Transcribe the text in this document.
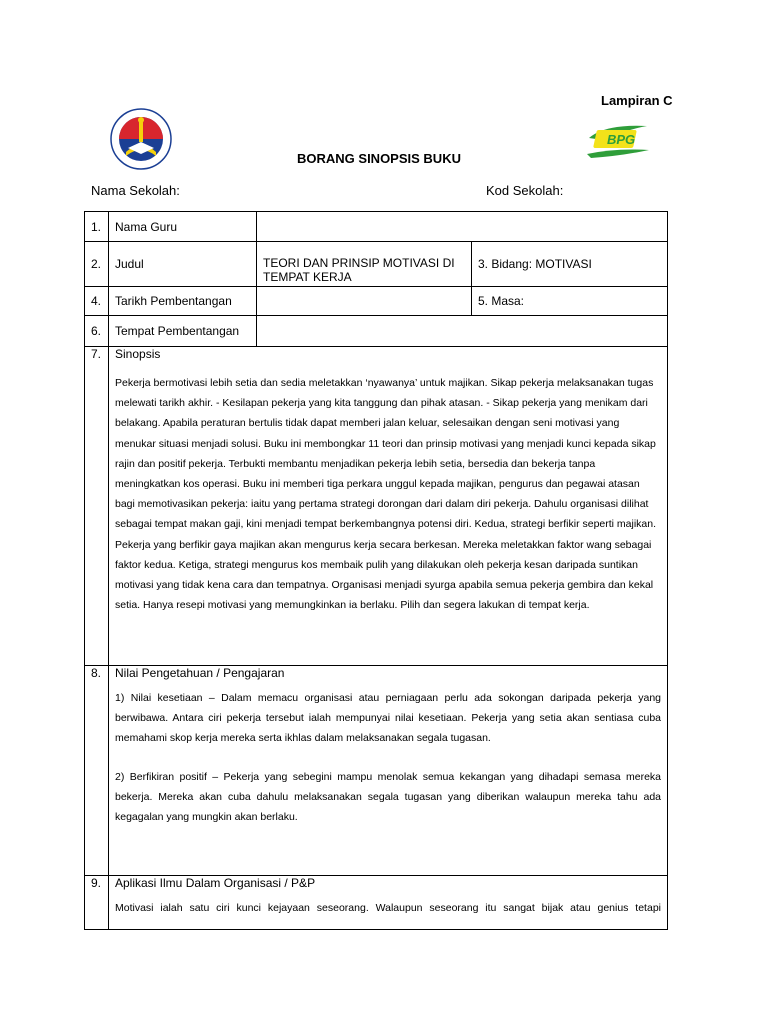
Lampiran C
BPG
BORANG SINOPSIS BUKU
Nama Sekolah:	Kod Sekolah:
1.	Nama Guru		
2.	Judul	TEORI DAN PRINSIP MOTIVASI DI TEMPAT KERJA	3. Bidang: MOTIVASI
4.	Tarikh Pembentangan		5. Masa:
6.	Tempat Pembentangan		
7.	Sinopsis

Pekerja bermotivasi lebih setia dan sedia meletakkan ‘nyawanya’ untuk majikan. Sikap pekerja melaksanakan tugas melewati tarikh akhir. - Kesilapan pekerja yang kita tanggung dan pihak atasan. - Sikap pekerja yang menikam dari belakang. Apabila peraturan bertulis tidak dapat memberi jalan keluar, selesaikan dengan seni motivasi yang menukar situasi menjadi solusi. Buku ini membongkar 11 teori dan prinsip motivasi yang menjadi kunci kepada sikap rajin dan positif pekerja. Terbukti membantu menjadikan pekerja lebih setia, bersedia dan bekerja tanpa meningkatkan kos operasi. Buku ini memberi tiga perkara unggul kepada majikan, pengurus dan pegawai atasan bagi memotivasikan pekerja: iaitu yang pertama strategi dorongan dari dalam diri pekerja. Dahulu organisasi dilihat sebagai tempat makan gaji, kini menjadi tempat berkembangnya potensi diri. Kedua, strategi berfikir seperti majikan. Pekerja yang berfikir gaya majikan akan mengurus kerja secara berkesan. Mereka meletakkan faktor wang sebagai faktor kedua. Ketiga, strategi mengurus kos membaik pulih yang dilakukan oleh pekerja kesan daripada suntikan motivasi yang tidak kena cara dan tempatnya. Organisasi menjadi syurga apabila semua pekerja gembira dan kekal setia. Hanya resepi motivasi yang memungkinkan ia berlaku. Pilih dan segera lakukan di tempat kerja.		

8.	Nilai Pengetahuan / Pengajaran

1) Nilai kesetiaan – Dalam memacu organisasi atau perniagaan perlu ada sokongan daripada pekerja yang berwibawa. Antara ciri pekerja tersebut ialah mempunyai nilai kesetiaan. Pekerja yang setia akan sentiasa cuba memahami skop kerja mereka serta ikhlas dalam melaksanakan segala tugasan.

2) Berfikiran positif – Pekerja yang sebegini mampu menolak semua kekangan yang dihadapi semasa mereka bekerja. Mereka akan cuba dahulu melaksanakan segala tugasan yang diberikan walaupun mereka tahu ada kegagalan yang mungkin akan berlaku.		

9.	Aplikasi Ilmu Dalam Organisasi / P&P

Motivasi ialah satu ciri kunci kejayaan seseorang. Walaupun seseorang itu sangat bijak atau genius tetapi		
